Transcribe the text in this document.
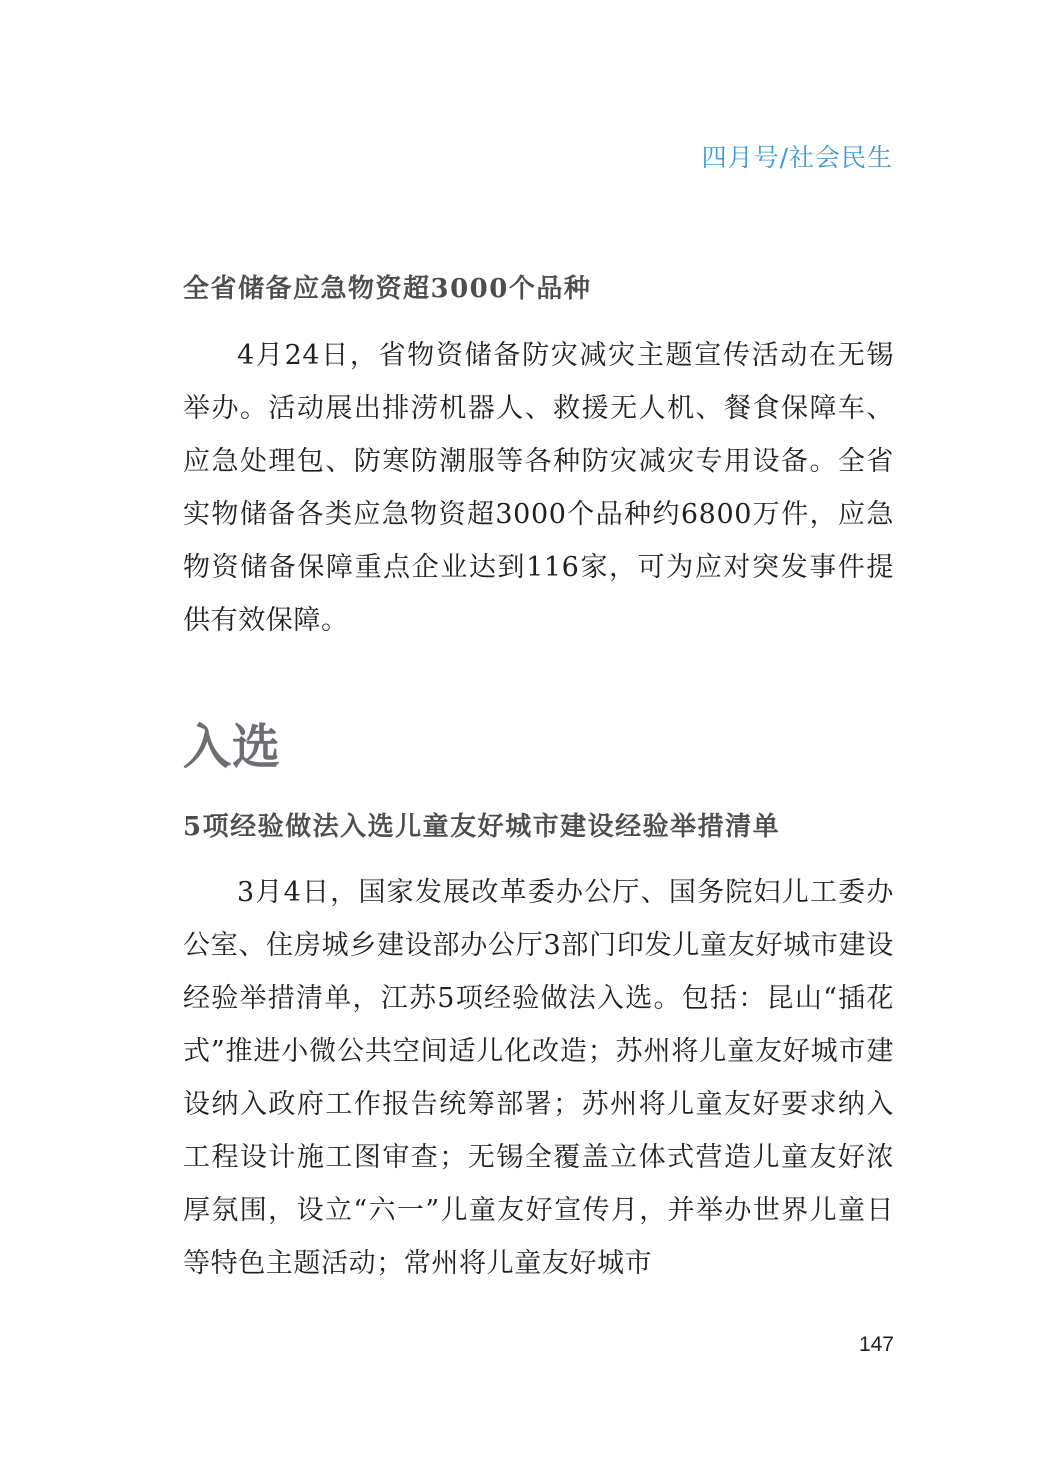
四月号∕社会民生
全省储备应急物资超3000个品种

4月24日，省物资储备防灾减灾主题宣传活动在无锡举办。活动展出排涝机器人、救援无人机、餐食保障车、应急处理包、防寒防潮服等各种防灾减灾专用设备。全省实物储备各类应急物资超3000个品种约6800万件，应急物资储备保障重点企业达到116家，可为应对突发事件提供有效保障。

入选
5项经验做法入选儿童友好城市建设经验举措清单

3月4日，国家发展改革委办公厅、国务院妇儿工委办公室、住房城乡建设部办公厅3部门印发儿童友好城市建设经验举措清单，江苏5项经验做法入选。包括：昆山“插花式”推进小微公共空间适儿化改造；苏州将儿童友好城市建设纳入政府工作报告统筹部署；苏州将儿童友好要求纳入工程设计施工图审查；无锡全覆盖立体式营造儿童友好浓厚氛围，设立“六一”儿童友好宣传月，并举办世界儿童日等特色主题活动；常州将儿童友好城市

147
